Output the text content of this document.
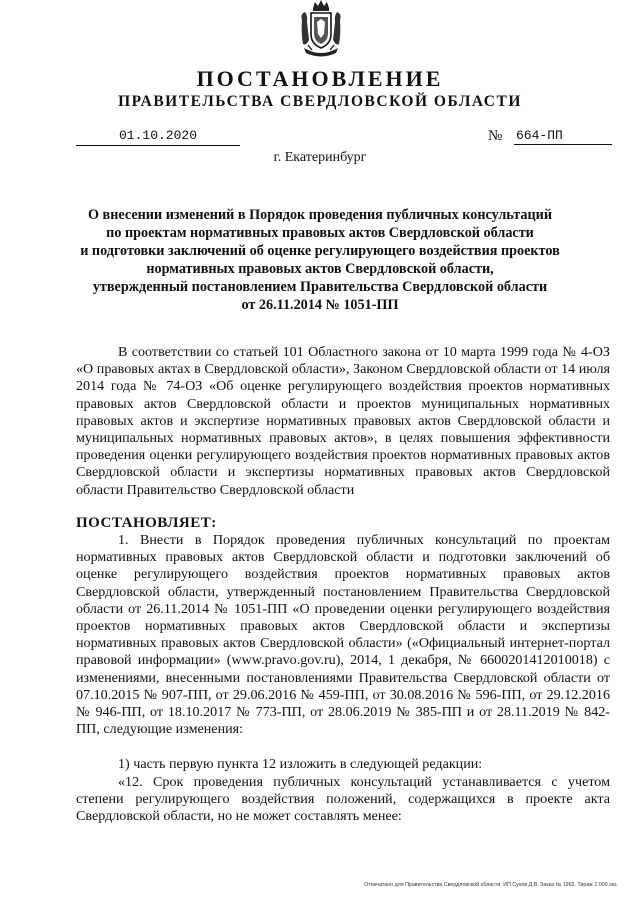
ПОСТАНОВЛЕНИЕ
ПРАВИТЕЛЬСТВА СВЕРДЛОВСКОЙ ОБЛАСТИ
01.10.2020	№ 664-ПП
г. Екатеринбург
О внесении изменений в Порядок проведения публичных консультаций
по проектам нормативных правовых актов Свердловской области
и подготовки заключений об оценке регулирующего воздействия проектов
нормативных правовых актов Свердловской области,
утвержденный постановлением Правительства Свердловской области
от 26.11.2014 № 1051-ПП
В соответствии со статьей 101 Областного закона от 10 марта 1999 года № 4-ОЗ «О правовых актах в Свердловской области», Законом Свердловской области от 14 июля 2014 года № 74-ОЗ «Об оценке регулирующего воздействия проектов нормативных правовых актов Свердловской области и проектов муниципальных нормативных правовых актов и экспертизе нормативных правовых актов Свердловской области и муниципальных нормативных правовых актов», в целях повышения эффективности проведения оценки регулирующего воздействия проектов нормативных правовых актов Свердловской области и экспертизы нормативных правовых актов Свердловской области Правительство Свердловской области
ПОСТАНОВЛЯЕТ:
1. Внести в Порядок проведения публичных консультаций по проектам нормативных правовых актов Свердловской области и подготовки заключений об оценке регулирующего воздействия проектов нормативных правовых актов Свердловской области, утвержденный постановлением Правительства Свердловской области от 26.11.2014 № 1051-ПП «О проведении оценки регулирующего воздействия проектов нормативных правовых актов Свердловской области и экспертизы нормативных правовых актов Свердловской области» («Официальный интернет-портал правовой информации» (www.pravo.gov.ru), 2014, 1 декабря, № 6600201412010018) с изменениями, внесенными постановлениями Правительства Свердловской области от 07.10.2015 № 907-ПП, от 29.06.2016 № 459-ПП, от 30.08.2016 № 596-ПП, от 29.12.2016 № 946-ПП, от 18.10.2017 № 773-ПП, от 28.06.2019 № 385-ПП и от 28.11.2019 № 842-ПП, следующие изменения:
1) часть первую пункта 12 изложить в следующей редакции:
«12. Срок проведения публичных консультаций устанавливается с учетом степени регулирующего воздействия положений, содержащихся в проекте акта Свердловской области, но не может составлять менее:
Отпечатано для Правительства Свердловской области. ИП Сухов Д.В. Заказ № 1963. Тираж 2 000 экз.
